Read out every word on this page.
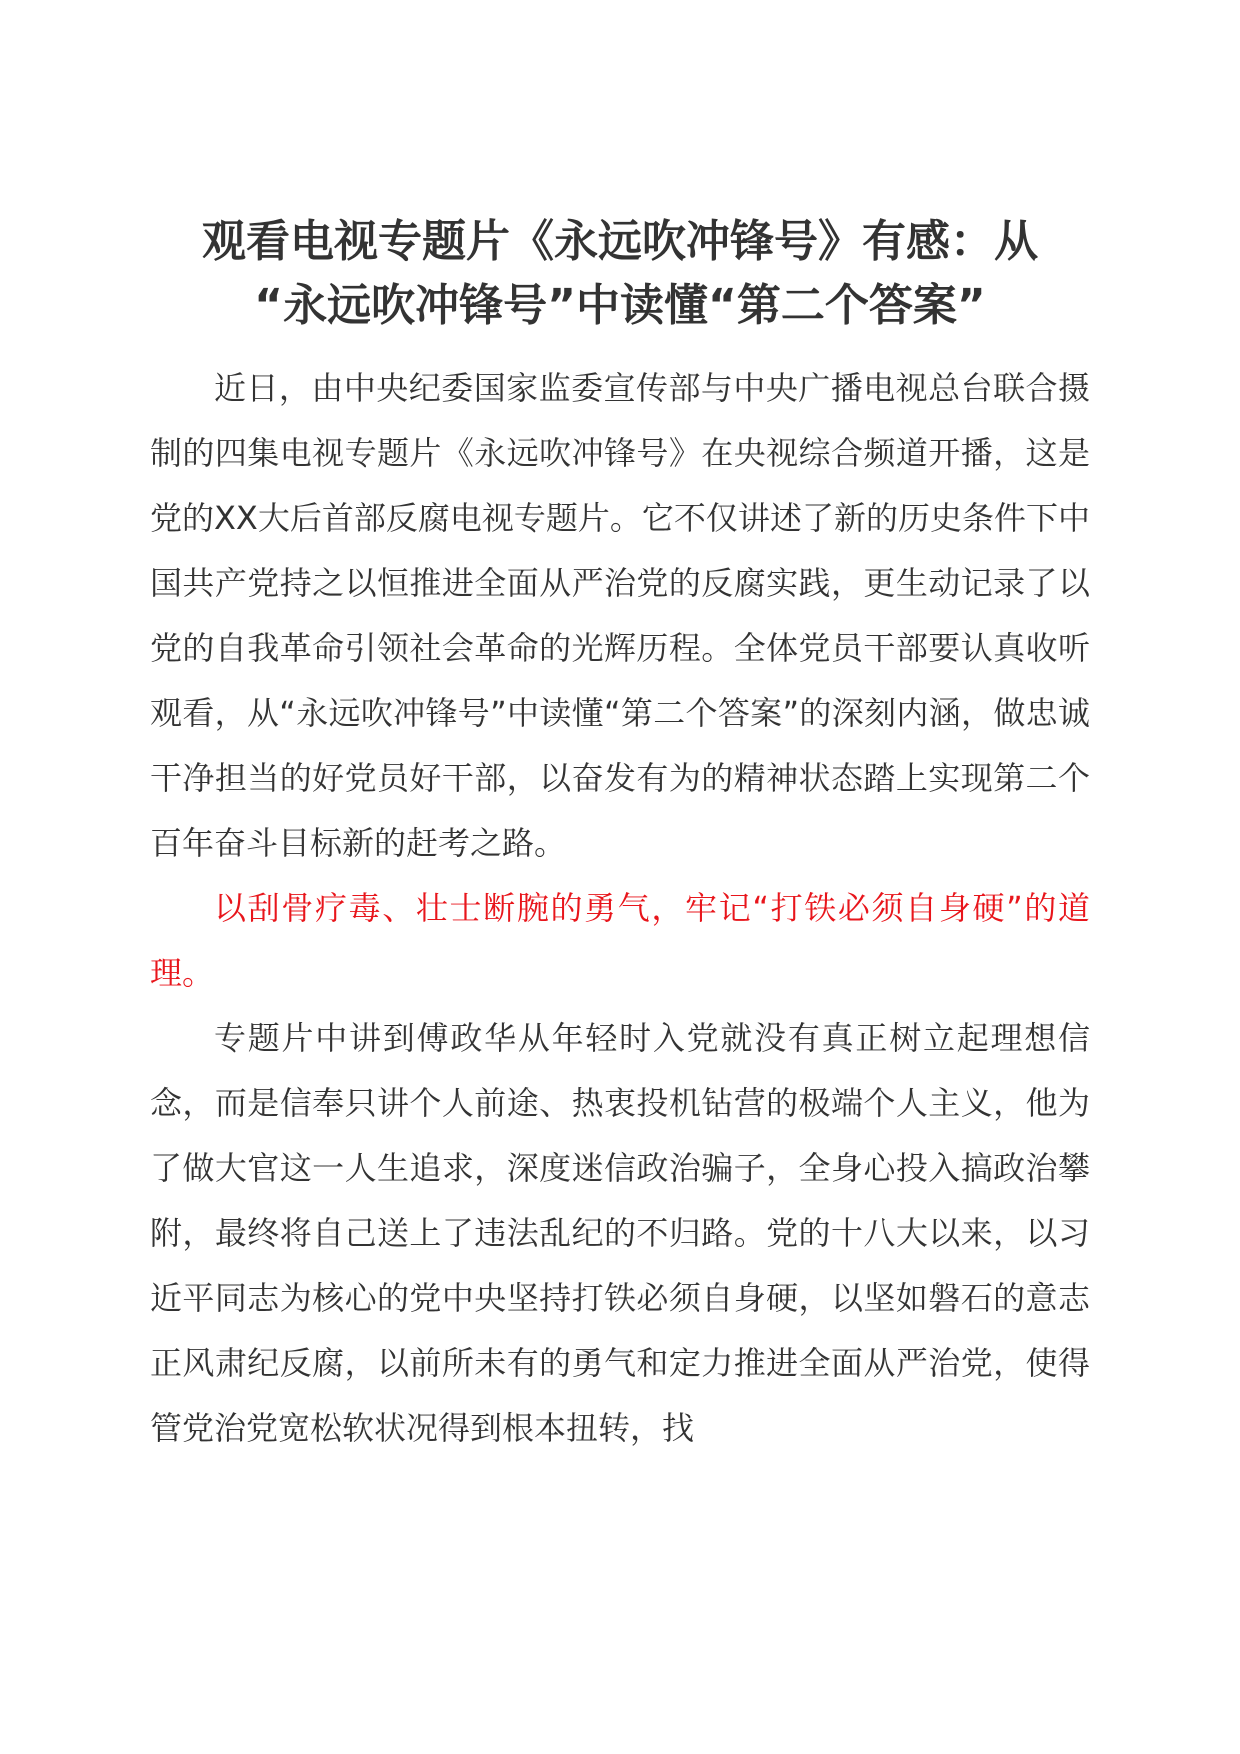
观看电视专题片《永远吹冲锋号》有感：从
“永远吹冲锋号”中读懂“第二个答案”

近日，由中央纪委国家监委宣传部与中央广播电视总台联合摄制的四集电视专题片《永远吹冲锋号》在央视综合频道开播，这是党的XX大后首部反腐电视专题片。它不仅讲述了新的历史条件下中国共产党持之以恒推进全面从严治党的反腐实践，更生动记录了以党的自我革命引领社会革命的光辉历程。全体党员干部要认真收听观看，从“永远吹冲锋号”中读懂“第二个答案”的深刻内涵，做忠诚干净担当的好党员好干部，以奋发有为的精神状态踏上实现第二个百年奋斗目标新的赶考之路。

以刮骨疗毒、壮士断腕的勇气，牢记“打铁必须自身硬”的道理。

专题片中讲到傅政华从年轻时入党就没有真正树立起理想信念，而是信奉只讲个人前途、热衷投机钻营的极端个人主义，他为了做大官这一人生追求，深度迷信政治骗子，全身心投入搞政治攀附，最终将自己送上了违法乱纪的不归路。党的十八大以来，以习近平同志为核心的党中央坚持打铁必须自身硬，以坚如磐石的意志正风肃纪反腐，以前所未有的勇气和定力推进全面从严治党，使得管党治党宽松软状况得到根本扭转，找
